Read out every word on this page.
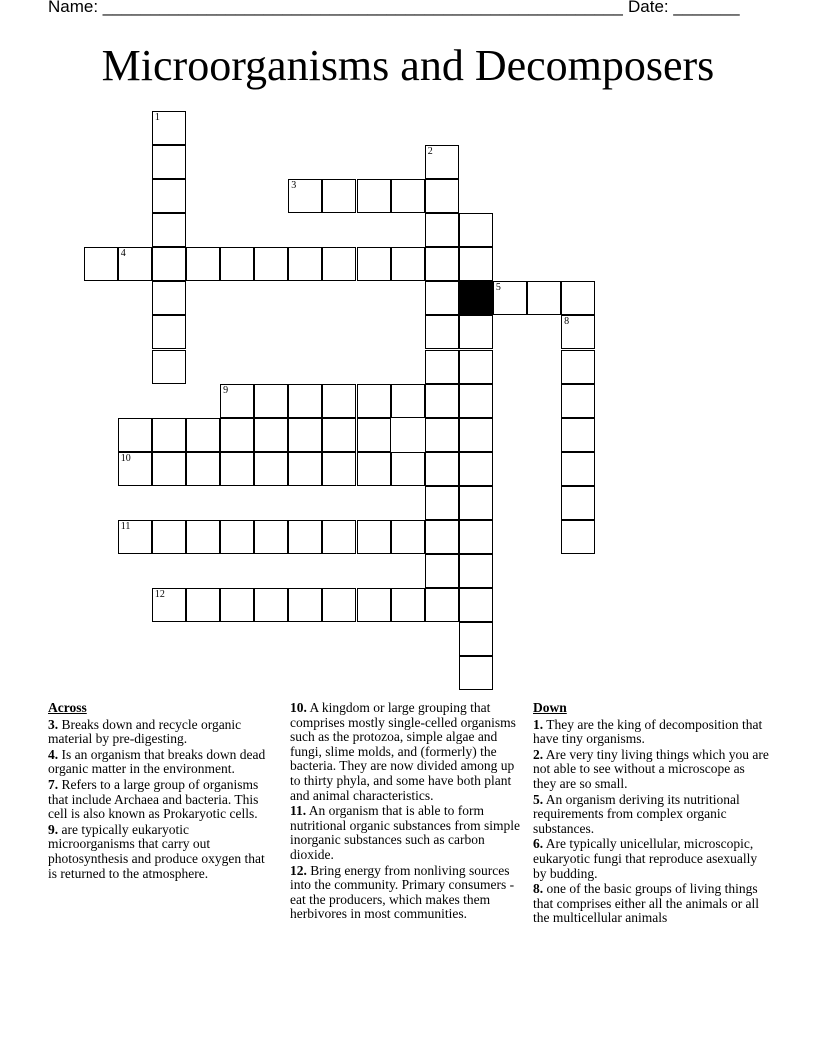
Name: _______________________________________________________ Date: _______
Microorganisms and Decomposers
1
2
3
4
8
5
9
10
11
12
Across
3. Breaks down and recycle organic material by pre-digesting.
4. Is an organism that breaks down dead organic matter in the environment.
7. Refers to a large group of organisms that include Archaea and bacteria. This cell is also known as Prokaryotic cells.
9. are typically eukaryotic microorganisms that carry out photosynthesis and produce oxygen that is returned to the atmosphere.
10. A kingdom or large grouping that comprises mostly single-celled organisms such as the protozoa, simple algae and fungi, slime molds, and (formerly) the bacteria. They are now divided among up to thirty phyla, and some have both plant and animal characteristics.
11. An organism that is able to form nutritional organic substances from simple inorganic substances such as carbon dioxide.
12. Bring energy from nonliving sources into the community. Primary consumers - eat the producers, which makes them herbivores in most communities.
Down
1. They are the king of decomposition that have tiny organisms.
2. Are very tiny living things which you are not able to see without a microscope as they are so small.
5. An organism deriving its nutritional requirements from complex organic substances.
6. Are typically unicellular, microscopic, eukaryotic fungi that reproduce asexually by budding.
8. one of the basic groups of living things that comprises either all the animals or all the multicellular animals
